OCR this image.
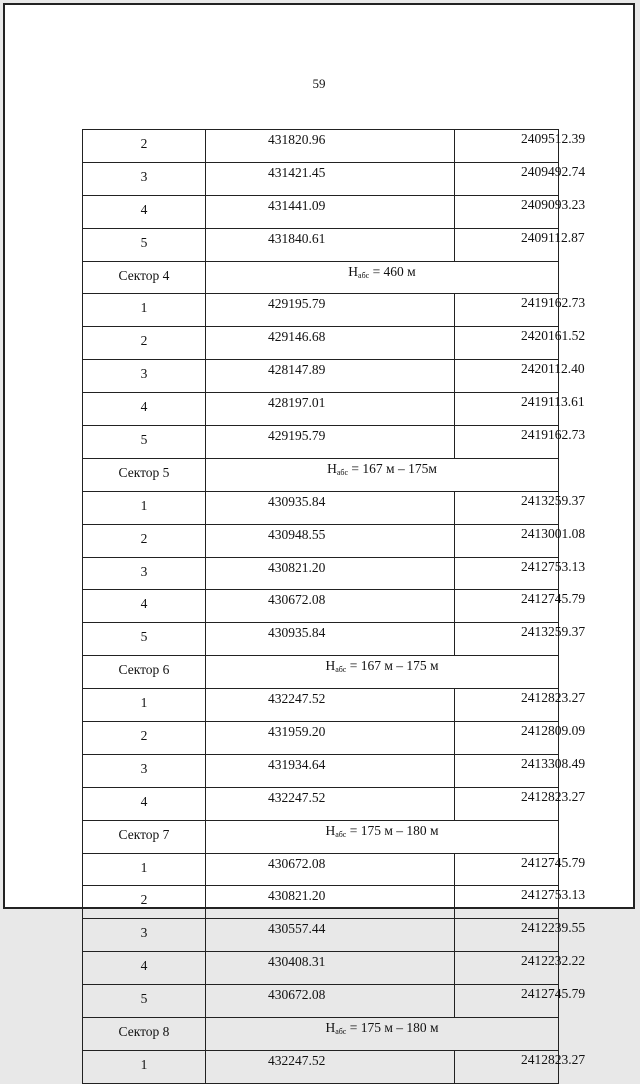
59
2	431820.96	2409512.39
3	431421.45	2409492.74
4	431441.09	2409093.23
5	431840.61	2409112.87
Сектор 4	Hабс = 460 м	
1	429195.79	2419162.73
2	429146.68	2420161.52
3	428147.89	2420112.40
4	428197.01	2419113.61
5	429195.79	2419162.73
Сектор 5	Hабс = 167 м – 175м	
1	430935.84	2413259.37
2	430948.55	2413001.08
3	430821.20	2412753.13
4	430672.08	2412745.79
5	430935.84	2413259.37
Сектор 6	Hабс = 167 м – 175 м	
1	432247.52	2412823.27
2	431959.20	2412809.09
3	431934.64	2413308.49
4	432247.52	2412823.27
Сектор 7	Hабс = 175 м – 180 м	
1	430672.08	2412745.79
2	430821.20	2412753.13
3	430557.44	2412239.55
4	430408.31	2412232.22
5	430672.08	2412745.79
Сектор 8	Hабс = 175 м – 180 м	
1	432247.52	2412823.27
